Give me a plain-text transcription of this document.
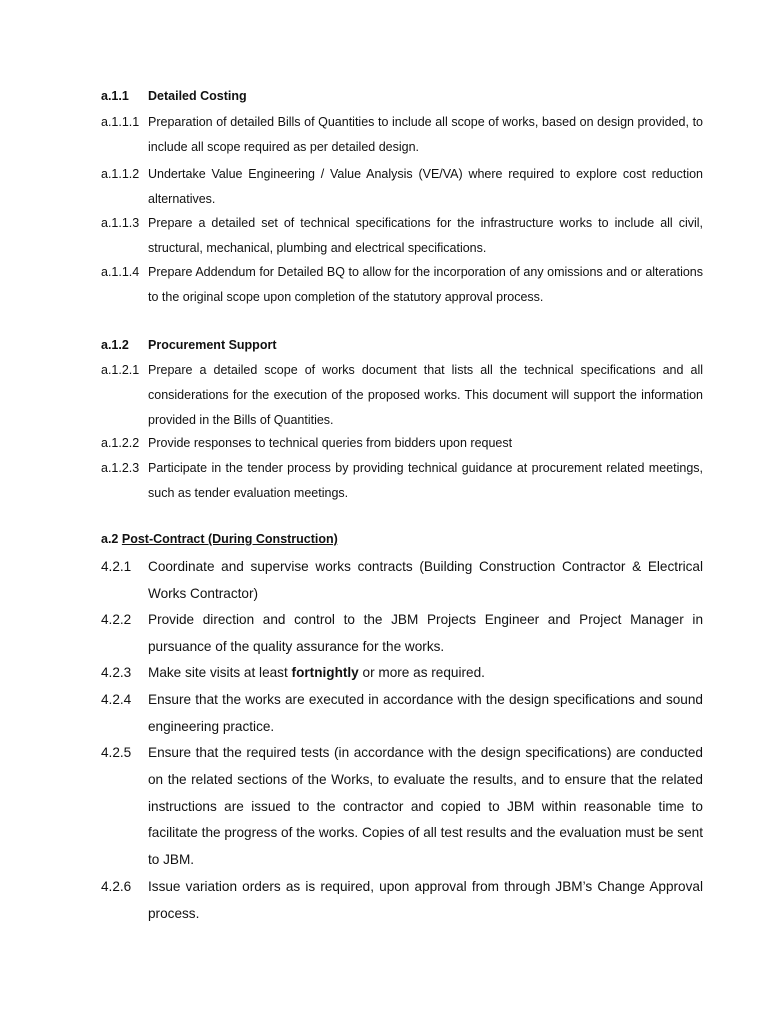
a.1.1 Detailed Costing
a.1.1.1 Preparation of detailed Bills of Quantities to include all scope of works, based on design provided, to include all scope required as per detailed design.
a.1.1.2 Undertake Value Engineering / Value Analysis (VE/VA) where required to explore cost reduction alternatives.
a.1.1.3 Prepare a detailed set of technical specifications for the infrastructure works to include all civil, structural, mechanical, plumbing and electrical specifications.
a.1.1.4 Prepare Addendum for Detailed BQ to allow for the incorporation of any omissions and or alterations to the original scope upon completion of the statutory approval process.
a.1.2 Procurement Support
a.1.2.1 Prepare a detailed scope of works document that lists all the technical specifications and all considerations for the execution of the proposed works. This document will support the information provided in the Bills of Quantities.
a.1.2.2 Provide responses to technical queries from bidders upon request
a.1.2.3 Participate in the tender process by providing technical guidance at procurement related meetings, such as tender evaluation meetings.
a.2 Post-Contract (During Construction)
4.2.1 Coordinate and supervise works contracts (Building Construction Contractor & Electrical Works Contractor)
4.2.2 Provide direction and control to the JBM Projects Engineer and Project Manager in pursuance of the quality assurance for the works.
4.2.3 Make site visits at least fortnightly or more as required.
4.2.4 Ensure that the works are executed in accordance with the design specifications and sound engineering practice.
4.2.5 Ensure that the required tests (in accordance with the design specifications) are conducted on the related sections of the Works, to evaluate the results, and to ensure that the related instructions are issued to the contractor and copied to JBM within reasonable time to facilitate the progress of the works. Copies of all test results and the evaluation must be sent to JBM.
4.2.6 Issue variation orders as is required, upon approval from through JBM’s Change Approval process.
